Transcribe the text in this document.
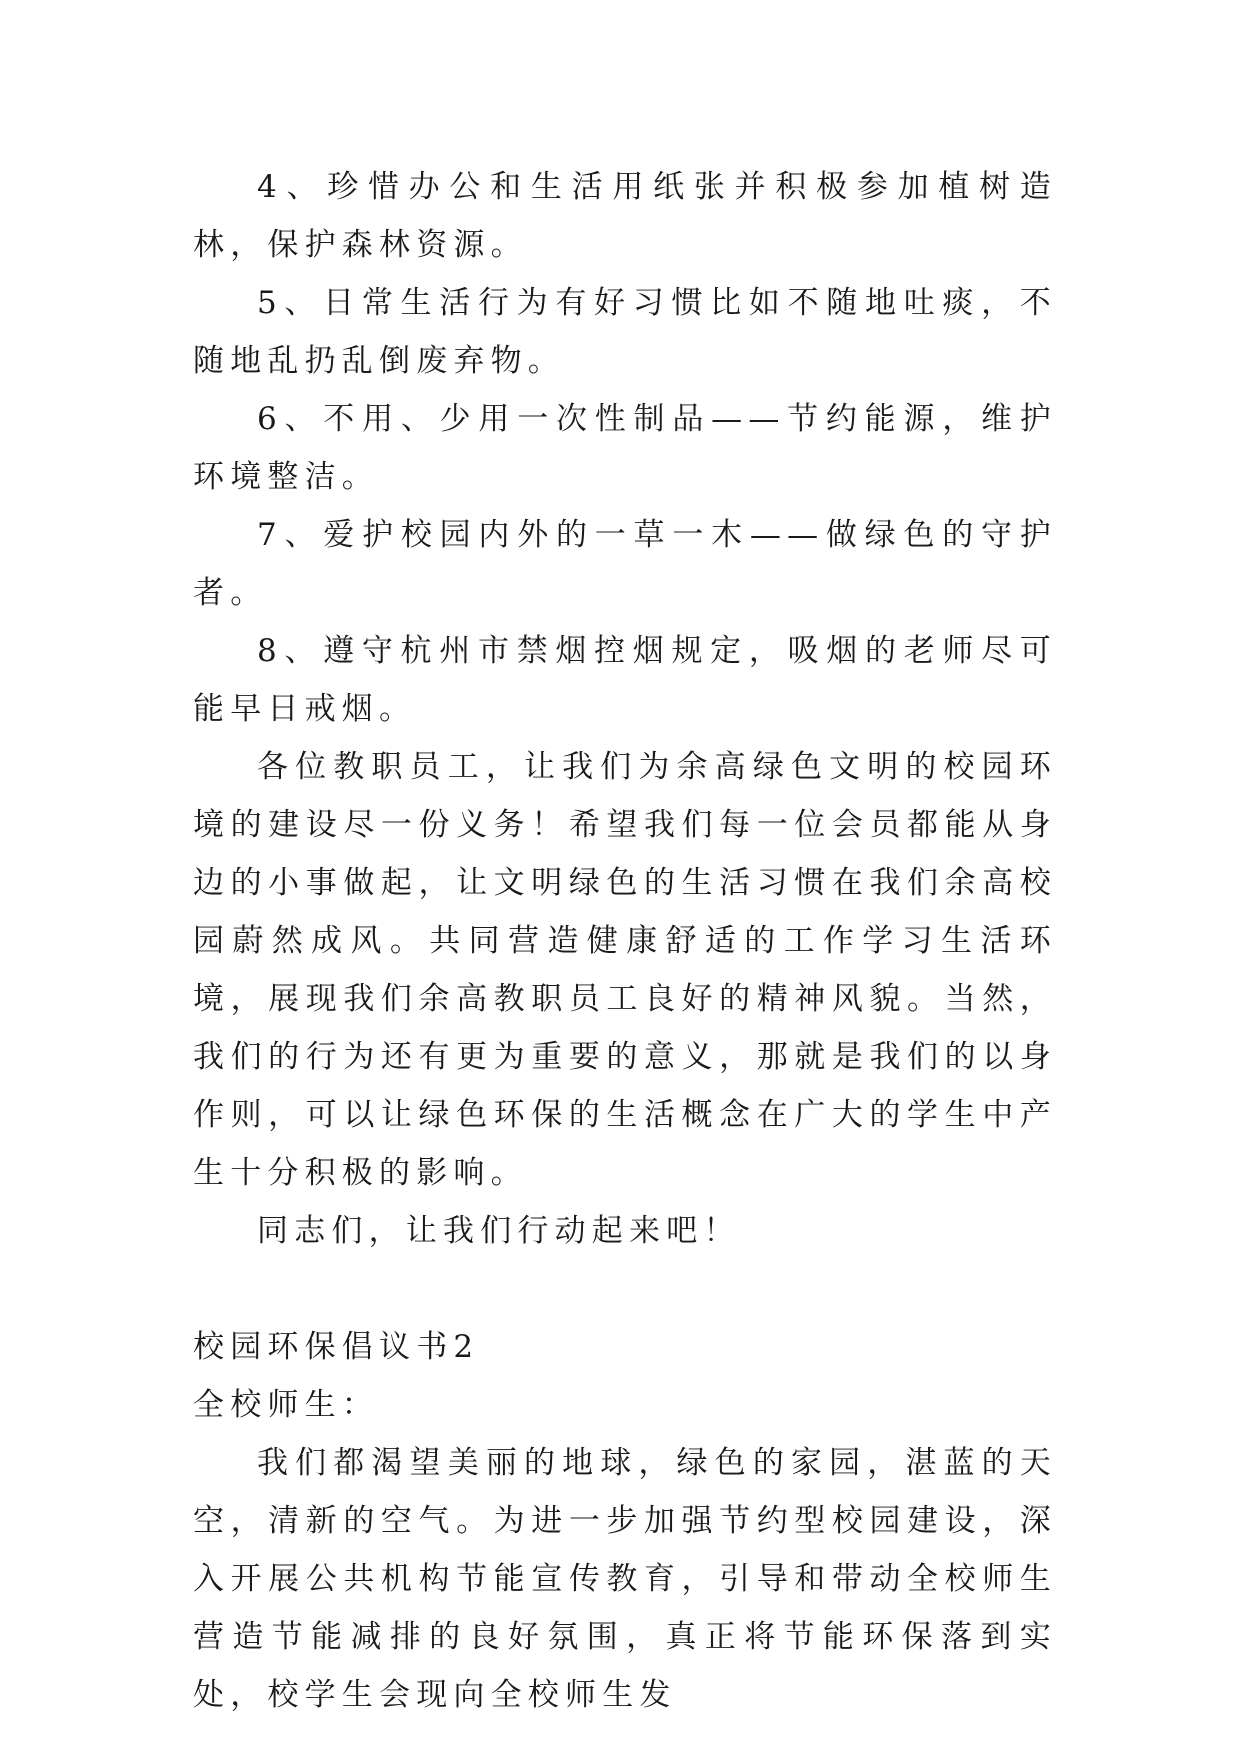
4、珍惜办公和生活用纸张并积极参加植树造林，保护森林资源。

5、日常生活行为有好习惯比如不随地吐痰，不随地乱扔乱倒废弃物。

6、不用、少用一次性制品——节约能源，维护环境整洁。

7、爱护校园内外的一草一木——做绿色的守护者。

8、遵守杭州市禁烟控烟规定，吸烟的老师尽可能早日戒烟。

各位教职员工，让我们为余高绿色文明的校园环境的建设尽一份义务！希望我们每一位会员都能从身边的小事做起，让文明绿色的生活习惯在我们余高校园蔚然成风。共同营造健康舒适的工作学习生活环境，展现我们余高教职员工良好的精神风貌。当然，我们的行为还有更为重要的意义，那就是我们的以身作则，可以让绿色环保的生活概念在广大的学生中产生十分积极的影响。

同志们，让我们行动起来吧！

校园环保倡议书2

全校师生：

我们都渴望美丽的地球，绿色的家园，湛蓝的天空，清新的空气。为进一步加强节约型校园建设，深入开展公共机构节能宣传教育，引导和带动全校师生营造节能减排的良好氛围，真正将节能环保落到实处，校学生会现向全校师生发
